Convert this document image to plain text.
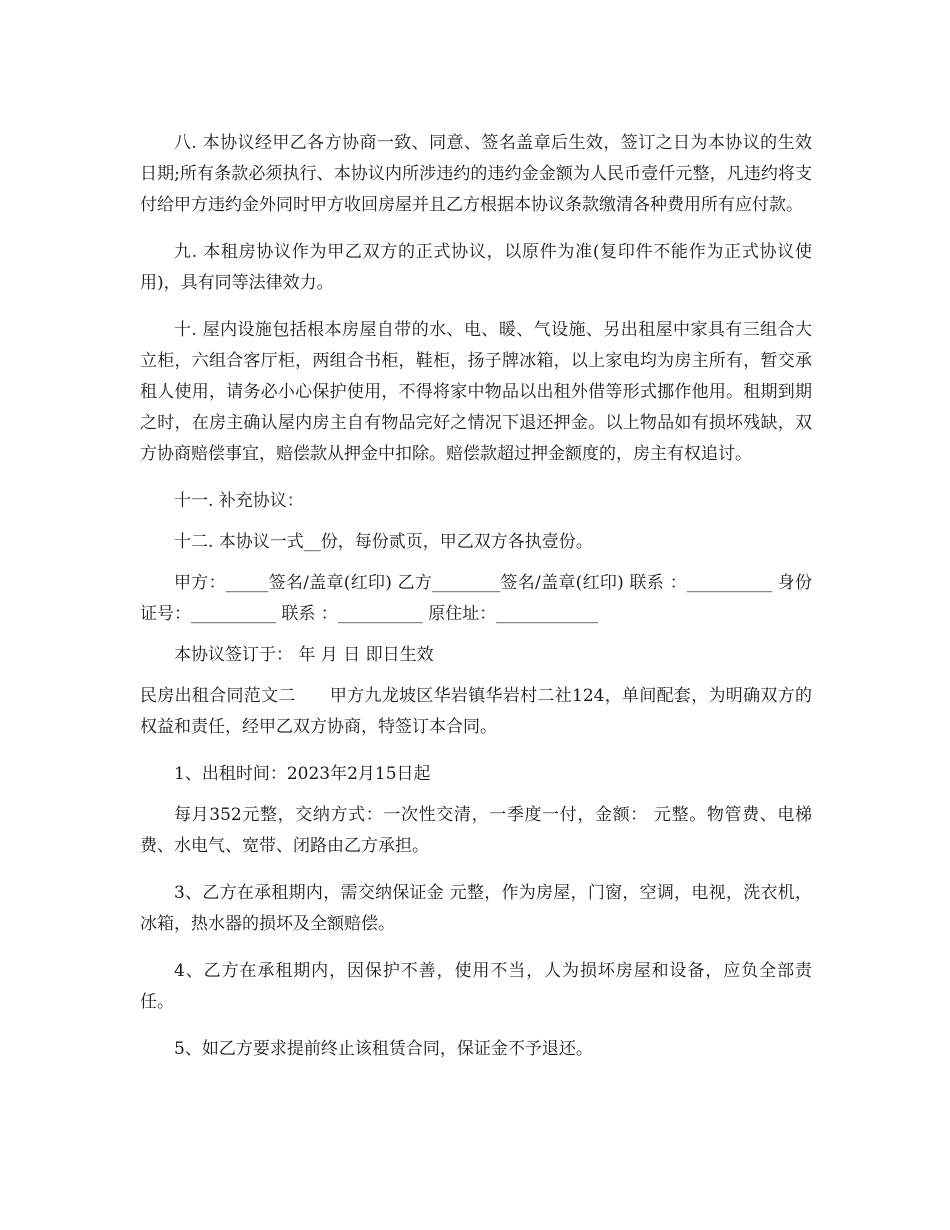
八. 本协议经甲乙各方协商一致、同意、签名盖章后生效，签订之日为本协议的生效日期;所有条款必须执行、本协议内所涉违约的违约金金额为人民币壹仟元整，凡违约将支付给甲方违约金外同时甲方收回房屋并且乙方根据本协议条款缴清各种费用所有应付款。

九. 本租房协议作为甲乙双方的正式协议，以原件为准(复印件不能作为正式协议使用)，具有同等法律效力。

十. 屋内设施包括根本房屋自带的水、电、暖、气设施、另出租屋中家具有三组合大立柜，六组合客厅柜，两组合书柜，鞋柜，扬子牌冰箱，以上家电均为房主所有，暂交承租人使用，请务必小心保护使用，不得将家中物品以出租外借等形式挪作他用。租期到期之时，在房主确认屋内房主自有物品完好之情况下退还押金。以上物品如有损坏残缺，双方协商赔偿事宜，赔偿款从押金中扣除。赔偿款超过押金额度的，房主有权追讨。

十一. 补充协议：

十二. 本协议一式__份，每份贰页，甲乙双方各执壹份。

甲方：_____签名/盖章(红印) 乙方________签名/盖章(红印) 联系 ：__________ 身份证号：__________ 联系 ：__________ 原住址：____________

本协议签订于： 年 月 日 即日生效

民房出租合同范文二      甲方九龙坡区华岩镇华岩村二社124，单间配套，为明确双方的权益和责任，经甲乙双方协商，特签订本合同。

1、出租时间：2023年2月15日起

每月352元整，交纳方式：一次性交清，一季度一付，金额： 元整。物管费、电梯费、水电气、宽带、闭路由乙方承担。

3、乙方在承租期内，需交纳保证金 元整，作为房屋，门窗，空调，电视，洗衣机，冰箱，热水器的损坏及全额赔偿。

4、乙方在承租期内，因保护不善，使用不当，人为损坏房屋和设备，应负全部责任。

5、如乙方要求提前终止该租赁合同，保证金不予退还。
